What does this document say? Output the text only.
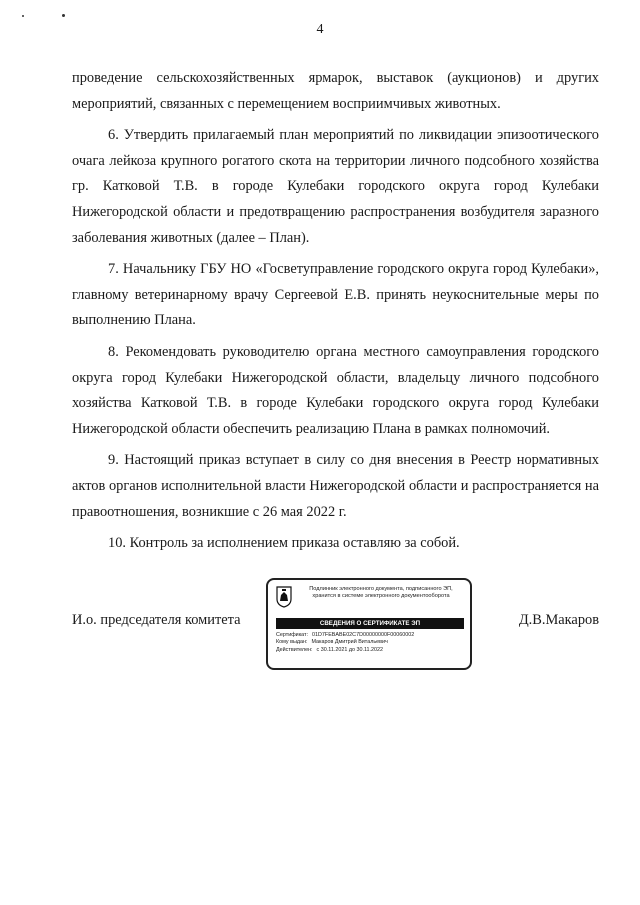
4

проведение сельскохозяйственных ярмарок, выставок (аукционов) и других мероприятий, связанных с перемещением восприимчивых животных.

6. Утвердить прилагаемый план мероприятий по ликвидации эпизоотического очага лейкоза крупного рогатого скота на территории личного подсобного хозяйства гр. Катковой Т.В. в городе Кулебаки городского округа город Кулебаки Нижегородской области и предотвращению распространения возбудителя заразного заболевания животных (далее – План).

7. Начальнику ГБУ НО «Госветуправление городского округа город Кулебаки», главному ветеринарному врачу Сергеевой Е.В. принять неукоснительные меры по выполнению Плана.

8. Рекомендовать руководителю органа местного самоуправления городского округа город Кулебаки Нижегородской области, владельцу личного подсобного хозяйства Катковой Т.В. в городе Кулебаки городского округа город Кулебаки Нижегородской области обеспечить реализацию Плана в рамках полномочий.

9. Настоящий приказ вступает в силу со дня внесения в Реестр нормативных актов органов исполнительной власти Нижегородской области и распространяется на правоотношения, возникшие с 26 мая 2022 г.

10. Контроль за исполнением приказа оставляю за собой.

И.о. председателя комитета
Подлинник электронного документа, подписанного ЭП, хранится в системе электронного документооборота
СВЕДЕНИЯ О СЕРТИФИКАТЕ ЭП
Сертификат: 01D7FEBABE02C7D00000000F00060002
Кому выдан: Макаров Дмитрий Витальевич
Действителен: с 30.11.2021 до 30.11.2022
Д.В.Макаров
